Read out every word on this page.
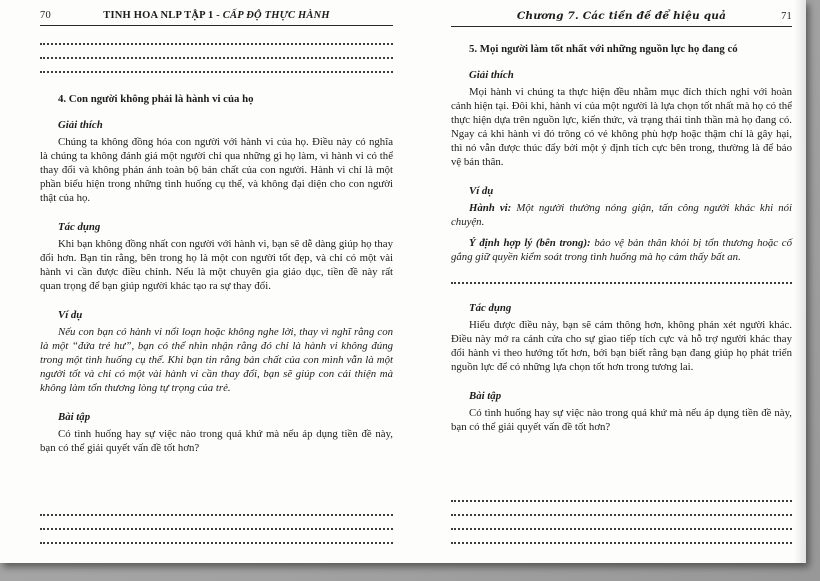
70	TINH HOA NLP TẬP 1 - CẤP ĐỘ THỰC HÀNH
4. Con người không phải là hành vi của họ
Giải thích

Chúng ta không đồng hóa con người với hành vi của họ. Điều này có nghĩa là chúng ta không đánh giá một người chỉ qua những gì họ làm, vì hành vi có thể thay đổi và không phản ánh toàn bộ bản chất của con người. Hành vi chỉ là một phần biểu hiện trong những tình huống cụ thể, và không đại diện cho con người thật của họ.

Tác dụng

Khi bạn không đồng nhất con người với hành vi, bạn sẽ dễ dàng giúp họ thay đổi hơn. Bạn tin rằng, bên trong họ là một con người tốt đẹp, và chỉ có một vài hành vi cần được điều chỉnh. Nếu là một chuyên gia giáo dục, tiền đề này rất quan trọng để bạn giúp người khác tạo ra sự thay đổi.

Ví dụ

Nếu con bạn có hành vi nổi loạn hoặc không nghe lời, thay vì nghĩ rằng con là một “đứa trẻ hư”, bạn có thể nhìn nhận rằng đó chỉ là hành vi không đúng trong một tình huống cụ thể. Khi bạn tin rằng bản chất của con mình vẫn là một người tốt và chỉ có một vài hành vi cần thay đổi, bạn sẽ giúp con cải thiện mà không làm tổn thương lòng tự trọng của trẻ.

Bài tập

Có tình huống hay sự việc nào trong quá khứ mà nếu áp dụng tiền đề này, bạn có thể giải quyết vấn đề tốt hơn?

Chương 7. Các tiền đề để hiệu quả	71
5. Mọi người làm tốt nhất với những nguồn lực họ đang có
Giải thích

Mọi hành vi chúng ta thực hiện đều nhằm mục đích thích nghi với hoàn cảnh hiện tại. Đôi khi, hành vi của một người là lựa chọn tốt nhất mà họ có thể thực hiện dựa trên nguồn lực, kiến thức, và trạng thái tinh thần mà họ đang có. Ngay cả khi hành vi đó trông có vẻ không phù hợp hoặc thậm chí là gây hại, thì nó vẫn được thúc đẩy bởi một ý định tích cực bên trong, thường là để bảo vệ bản thân.

Ví dụ

Hành vi: Một người thường nóng giận, tấn công người khác khi nói chuyện.

Ý định hợp lý (bên trong): bảo vệ bản thân khỏi bị tổn thương hoặc cố gắng giữ quyền kiểm soát trong tình huống mà họ cảm thấy bất an.

Tác dụng

Hiểu được điều này, bạn sẽ cảm thông hơn, không phán xét người khác. Điều này mở ra cánh cửa cho sự giao tiếp tích cực và hỗ trợ người khác thay đổi hành vi theo hướng tốt hơn, bởi bạn biết rằng bạn đang giúp họ phát triển nguồn lực để có những lựa chọn tốt hơn trong tương lai.

Bài tập

Có tình huống hay sự việc nào trong quá khứ mà nếu áp dụng tiền đề này, bạn có thể giải quyết vấn đề tốt hơn?
